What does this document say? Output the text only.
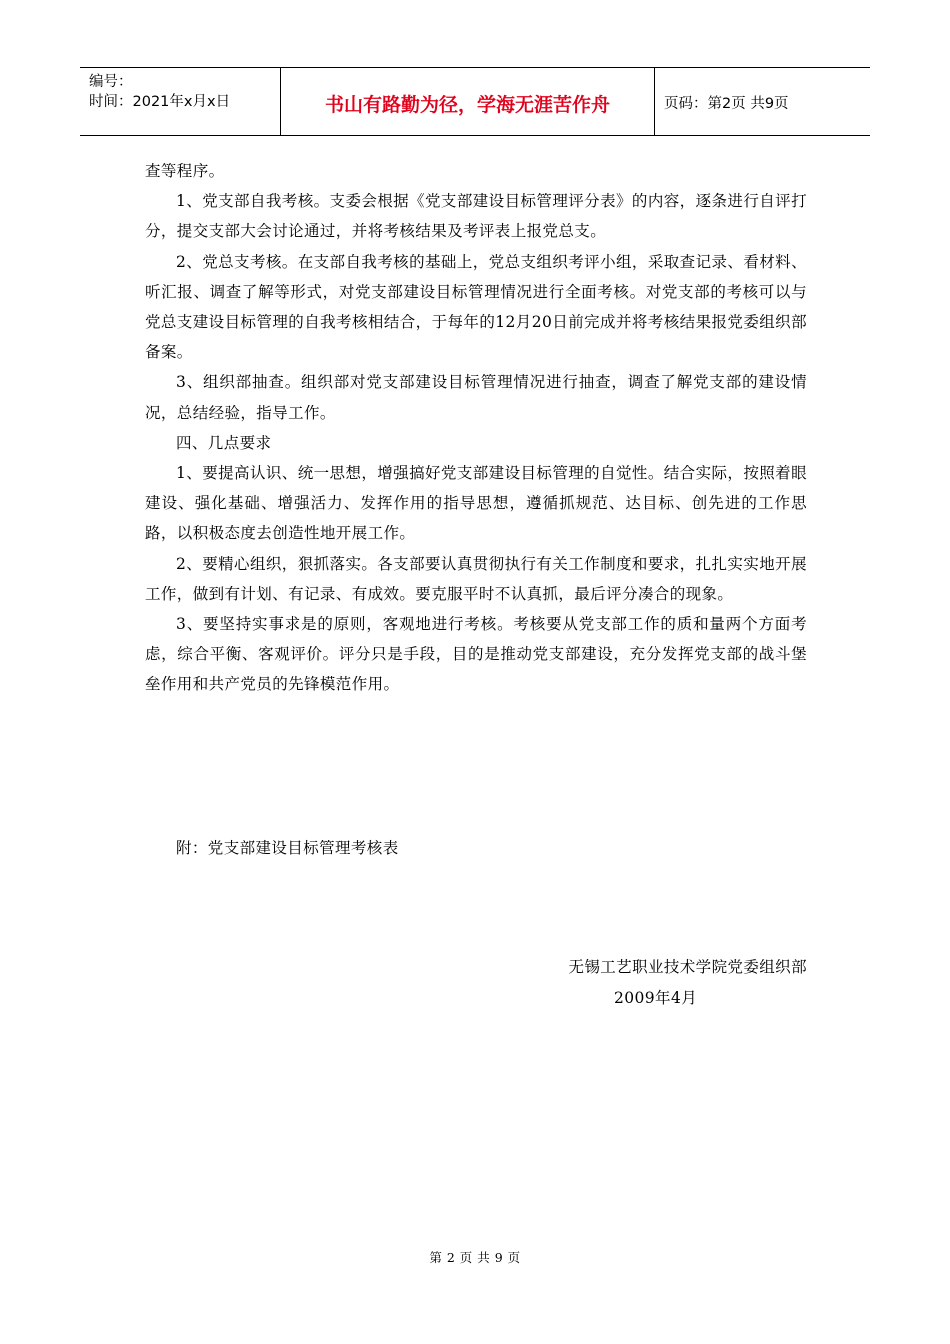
编号：
时间：2021年x月x日	书山有路勤为径，学海无涯苦作舟	页码：第2页 共9页

查等程序。

1、党支部自我考核。支委会根据《党支部建设目标管理评分表》的内容，逐条进行自评打分，提交支部大会讨论通过，并将考核结果及考评表上报党总支。

2、党总支考核。在支部自我考核的基础上，党总支组织考评小组，采取查记录、看材料、听汇报、调查了解等形式，对党支部建设目标管理情况进行全面考核。对党支部的考核可以与党总支建设目标管理的自我考核相结合，于每年的12月20日前完成并将考核结果报党委组织部备案。

3、组织部抽查。组织部对党支部建设目标管理情况进行抽查，调查了解党支部的建设情况，总结经验，指导工作。

四、几点要求

1、要提高认识、统一思想，增强搞好党支部建设目标管理的自觉性。结合实际，按照着眼建设、强化基础、增强活力、发挥作用的指导思想，遵循抓规范、达目标、创先进的工作思路，以积极态度去创造性地开展工作。

2、要精心组织，狠抓落实。各支部要认真贯彻执行有关工作制度和要求，扎扎实实地开展工作，做到有计划、有记录、有成效。要克服平时不认真抓，最后评分凑合的现象。

3、要坚持实事求是的原则，客观地进行考核。考核要从党支部工作的质和量两个方面考虑，综合平衡、客观评价。评分只是手段，目的是推动党支部建设，充分发挥党支部的战斗堡垒作用和共产党员的先锋模范作用。

附：党支部建设目标管理考核表
无锡工艺职业技术学院党委组织部
2009年4月
第 2 页 共 9 页
